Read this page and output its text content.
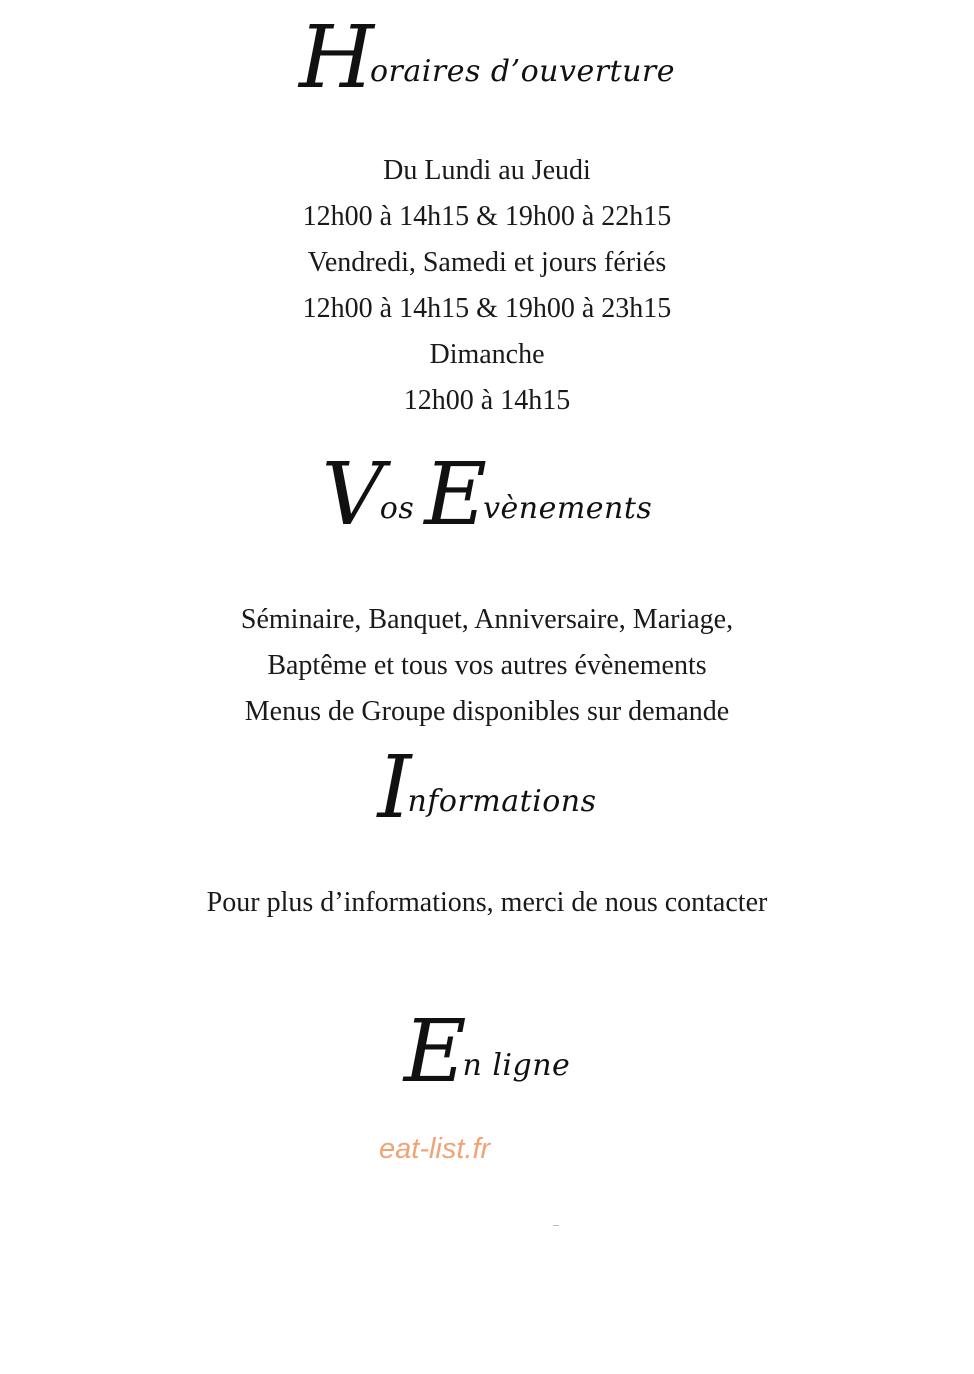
Horaires d’ouverture
Du Lundi au Jeudi
12h00 à 14h15 & 19h00 à 22h15
Vendredi, Samedi et jours fériés
12h00 à 14h15 & 19h00 à 23h15
Dimanche
12h00 à 14h15
Vos Evènements
Séminaire, Banquet, Anniversaire, Mariage,
Baptême et tous vos autres évènements
Menus de Groupe disponibles sur demande
Informations
Pour plus d’informations, merci de nous contacter
En ligne
eat-list.fr
